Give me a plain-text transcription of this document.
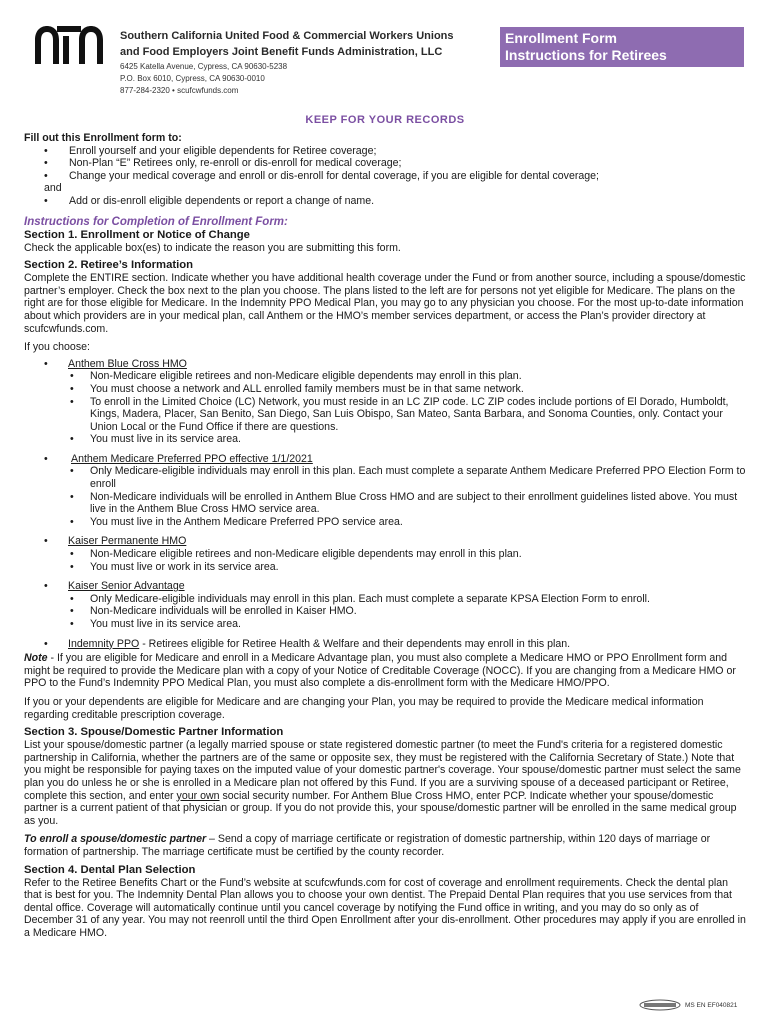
Southern California United Food & Commercial Workers Unions

and Food Employers Joint Benefit Funds Administration, LLC

6425 Katella Avenue, Cypress, CA 90630-5238
P.O. Box 6010, Cypress, CA 90630-0010
877-284-2320 • scufcwfunds.com
Enrollment Form
Instructions for Retirees
KEEP FOR YOUR RECORDS

Fill out this Enrollment form to:

• Enroll yourself and your eligible dependents for Retiree coverage;
• Non-Plan “E” Retirees only, re-enroll or dis-enroll for medical coverage;
• Change your medical coverage and enroll or dis-enroll for dental coverage, if you are eligible for dental coverage;

and

• Add or dis-enroll eligible dependents or report a change of name.

Instructions for Completion of Enrollment Form:

Section 1. Enrollment or Notice of Change

Check the applicable box(es) to indicate the reason you are submitting this form.

Section 2. Retiree’s Information

Complete the ENTIRE section. Indicate whether you have additional health coverage under the Fund or from another source, including a spouse/domestic partner’s employer. Check the box next to the plan you choose. The plans listed to the left are for persons not yet eligible for Medicare. The plans on the right are for those eligible for Medicare. In the Indemnity PPO Medical Plan, you may go to any physician you choose. For the most up-to-date information about which providers are in your medical plan, call Anthem or the HMO’s member services department, or access the Plan’s provider directory at scufcwfunds.com.

If you choose:

• Anthem Blue Cross HMO
• Non-Medicare eligible retirees and non-Medicare eligible dependents may enroll in this plan.
• You must choose a network and ALL enrolled family members must be in that same network.
• To enroll in the Limited Choice (LC) Network, you must reside in an LC ZIP code. LC ZIP codes include portions of El Dorado, Humboldt, Kings, Madera, Placer, San Benito, San Diego, San Luis Obispo, San Mateo, Santa Barbara, and Sonoma Counties, only. Contact your Union Local or the Fund Office if there are questions.
• You must live in its service area.
• Anthem Medicare Preferred PPO effective 1/1/2021
• Only Medicare-eligible individuals may enroll in this plan. Each must complete a separate Anthem Medicare Preferred PPO Election Form to enroll
• Non-Medicare individuals will be enrolled in Anthem Blue Cross HMO and are subject to their enrollment guidelines listed above. You must live in the Anthem Blue Cross HMO service area.
• You must live in the Anthem Medicare Preferred PPO service area.
• Kaiser Permanente HMO
• Non-Medicare eligible retirees and non-Medicare eligible dependents may enroll in this plan.
• You must live or work in its service area.
• Kaiser Senior Advantage
• Only Medicare-eligible individuals may enroll in this plan. Each must complete a separate KPSA Election Form to enroll.
• Non-Medicare individuals will be enrolled in Kaiser HMO.
• You must live in its service area.
• Indemnity PPO - Retirees eligible for Retiree Health & Welfare and their dependents may enroll in this plan.

Note - If you are eligible for Medicare and enroll in a Medicare Advantage plan, you must also complete a Medicare HMO or PPO Enrollment form and might be required to provide the Medicare plan with a copy of your Notice of Creditable Coverage (NOCC). If you are changing from a Medicare HMO or PPO to the Fund’s Indemnity PPO Medical Plan, you must also complete a dis-enrollment form with the Medicare HMO/PPO.

If you or your dependents are eligible for Medicare and are changing your Plan, you may be required to provide the Medicare medical information regarding creditable prescription coverage.

Section 3. Spouse/Domestic Partner Information

List your spouse/domestic partner (a legally married spouse or state registered domestic partner (to meet the Fund's criteria for a registered domestic partnership in California, whether the partners are of the same or opposite sex, they must be registered with the California Secretary of State.) Note that you might be responsible for paying taxes on the imputed value of your domestic partner's coverage. Your spouse/domestic partner must select the same plan you do unless he or she is enrolled in a Medicare plan not offered by this Fund. If you are a surviving spouse of a deceased participant or Retiree, complete this section, and enter your own social security number. For Anthem Blue Cross HMO, enter PCP. Indicate whether your spouse/domestic partner is a current patient of that physician or group. If you do not provide this, your spouse/domestic partner will be enrolled in the same medical group as you.

To enroll a spouse/domestic partner – Send a copy of marriage certificate or registration of domestic partnership, within 120 days of marriage or formation of partnership. The marriage certificate must be certified by the county recorder.

Section 4. Dental Plan Selection

Refer to the Retiree Benefits Chart or the Fund’s website at scufcwfunds.com for cost of coverage and enrollment requirements. Check the dental plan that is best for you. The Indemnity Dental Plan allows you to choose your own dentist. The Prepaid Dental Plan requires that you use services from that dental office. Coverage will automatically continue until you cancel coverage by notifying the Fund office in writing, and you may do so only as of December 31 of any year. You may not reenroll until the third Open Enrollment after your dis-enrollment. Other procedures may apply if you are enrolled in a Medicare HMO.

MS EN EF040821
